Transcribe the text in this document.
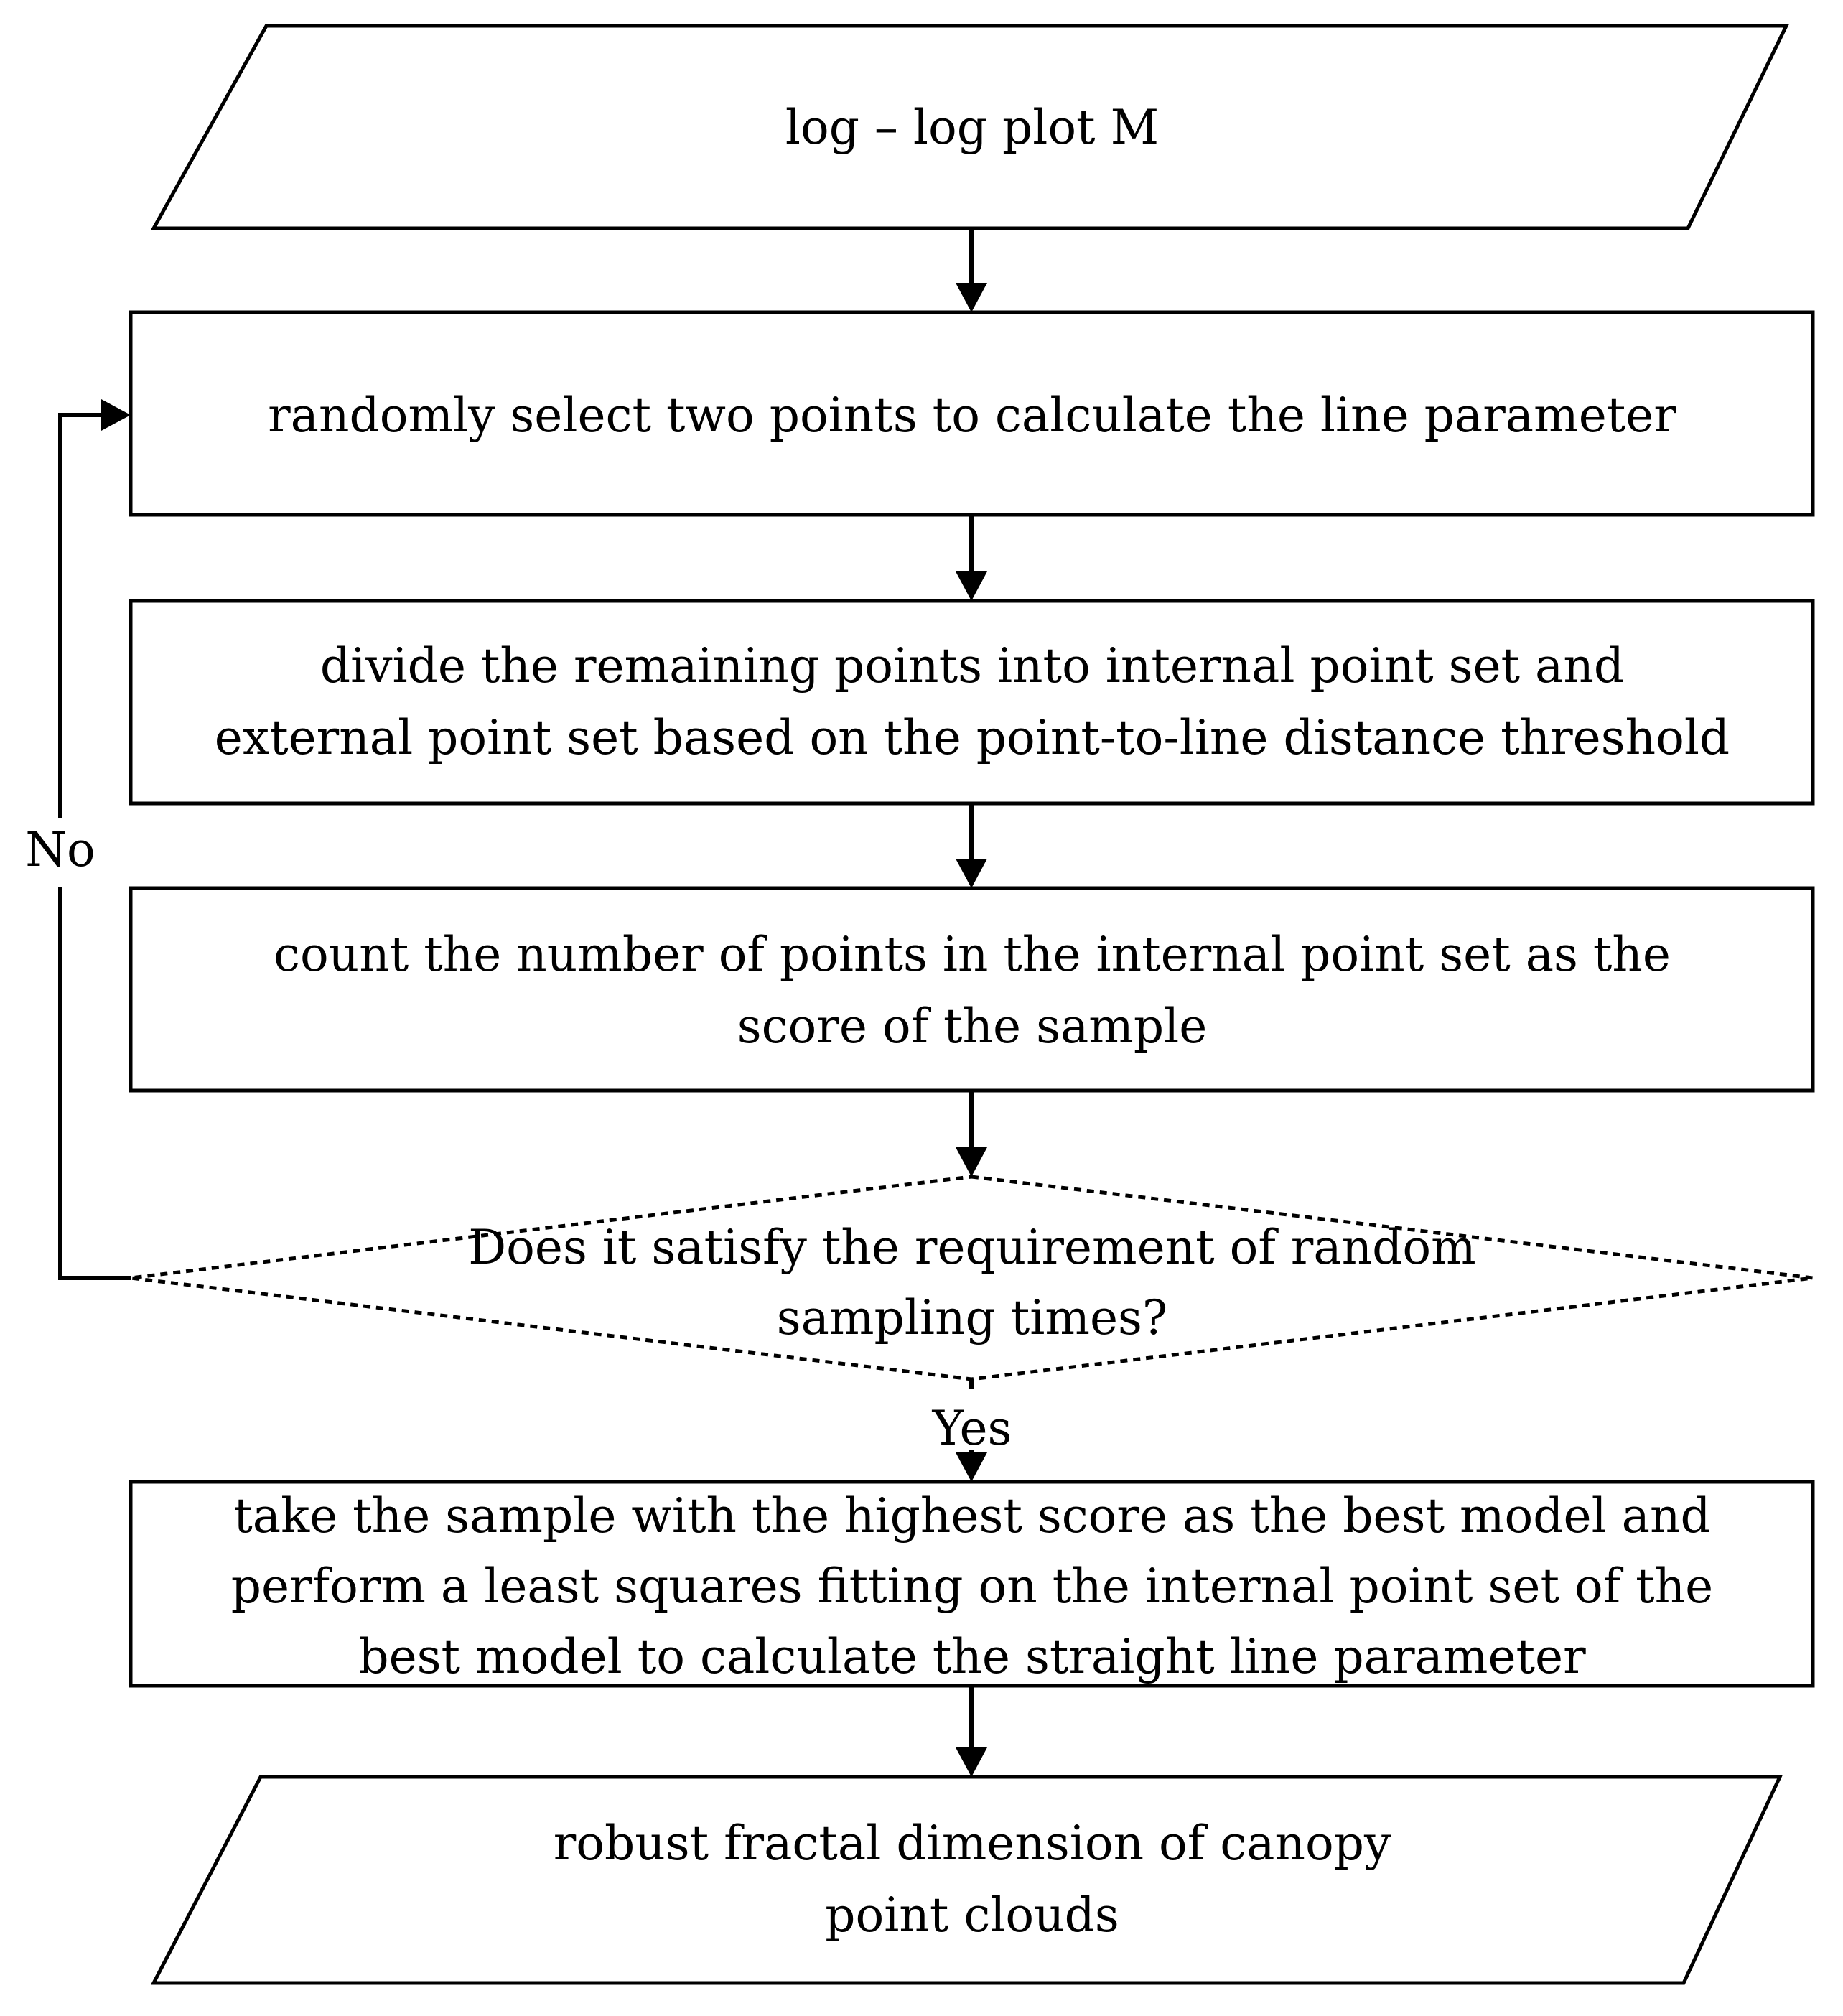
log – log plot M
randomly select two points to calculate the line parameter
divide the remaining points into internal point set and
external point set based on the point-to-line distance threshold
count the number of points in the internal point set as the
score of the sample
Does it satisfy the requirement of random
sampling times?
No
Yes
take the sample with the highest score as the best model and
perform a least squares fitting on the internal point set of the
best model to calculate the straight line parameter
robust fractal dimension of canopy
point clouds
